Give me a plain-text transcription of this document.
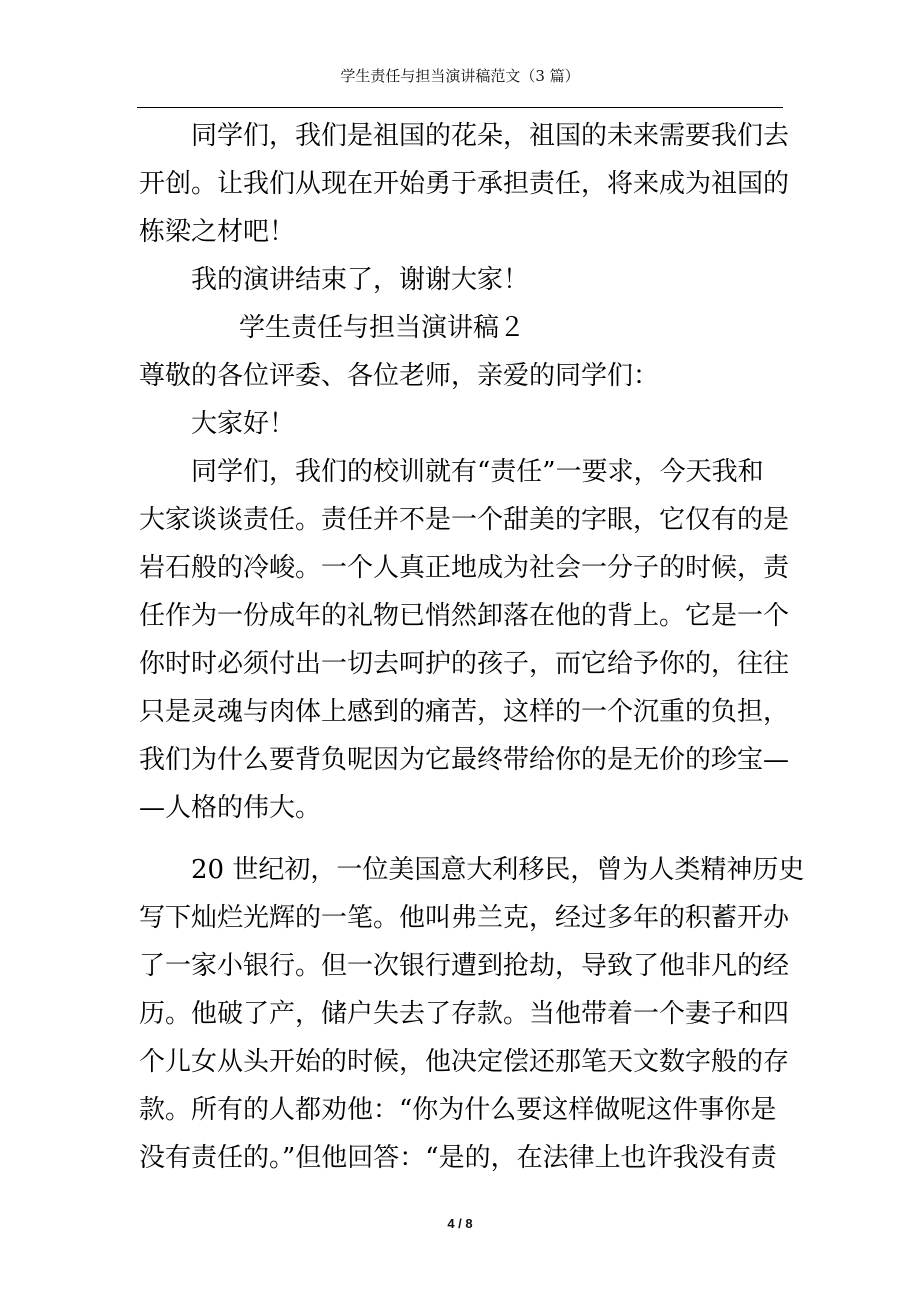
学生责任与担当演讲稿范文（3 篇）
同学们，我们是祖国的花朵，祖国的未来需要我们去
开创。让我们从现在开始勇于承担责任，将来成为祖国的
栋梁之材吧！
我的演讲结束了，谢谢大家！
学生责任与担当演讲稿２
尊敬的各位评委、各位老师，亲爱的同学们：
大家好！
同学们，我们的校训就有“责任”一要求，今天我和
大家谈谈责任。责任并不是一个甜美的字眼，它仅有的是
岩石般的冷峻。一个人真正地成为社会一分子的时候，责
任作为一份成年的礼物已悄然卸落在他的背上。它是一个
你时时必须付出一切去呵护的孩子，而它给予你的，往往
只是灵魂与肉体上感到的痛苦，这样的一个沉重的负担，
我们为什么要背负呢因为它最终带给你的是无价的珍宝—
—人格的伟大。
20 世纪初，一位美国意大利移民，曾为人类精神历史
写下灿烂光辉的一笔。他叫弗兰克，经过多年的积蓄开办
了一家小银行。但一次银行遭到抢劫，导致了他非凡的经
历。他破了产，储户失去了存款。当他带着一个妻子和四
个儿女从头开始的时候，他决定偿还那笔天文数字般的存
款。所有的人都劝他：“你为什么要这样做呢这件事你是
没有责任的。”但他回答：“是的，在法律上也许我没有责
4 / 8
